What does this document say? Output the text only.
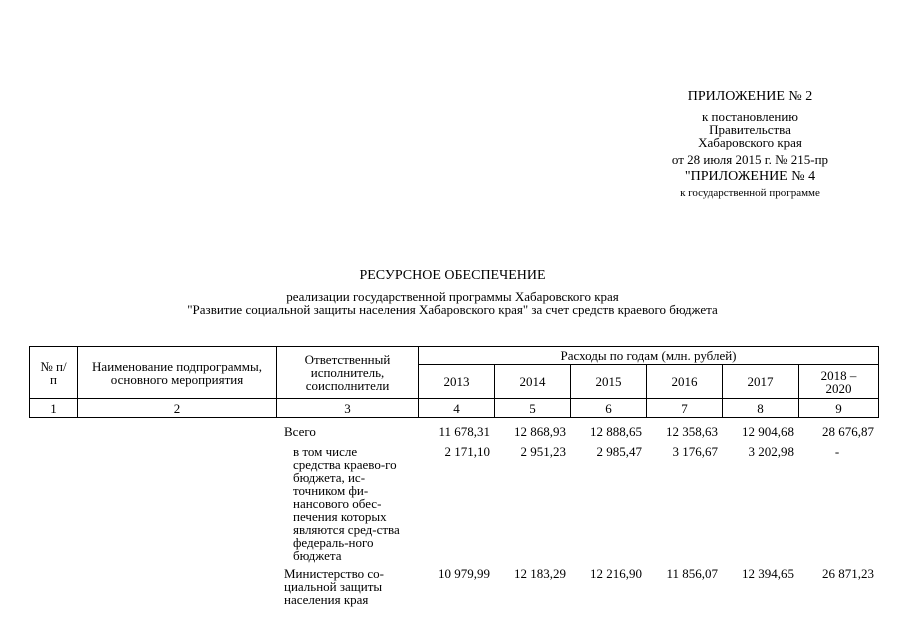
ПРИЛОЖЕНИЕ № 2
к постановлению
Правительства
Хабаровского края
от 28 июля 2015 г. № 215-пр
"ПРИЛОЖЕНИЕ № 4
к государственной программе
РЕСУРСНОЕ ОБЕСПЕЧЕНИЕ
реализации государственной программы Хабаровского края
"Развитие социальной защиты населения Хабаровского края" за счет средств краевого бюджета
№ п/п	Наименование подпрограммы, основного мероприятия	Ответственный исполнитель, соисполнители	Расходы по годам (млн. рублей)					
			2013	2014	2015	2016	2017	2018 – 2020
1	2	3	4	5	6	7	8	9
		Всего	11 678,31	12 868,93	12 888,65	12 358,63	12 904,68	28 676,87

		в том числе средства краево-го бюджета, ис-точником фи-нансового обес-печения которых являются сред-ства федераль-ного бюджета	2 171,10	2 951,23	2 985,47	3 176,67	3 202,98	-

		Министерство со-циальной защиты населения края	10 979,99	12 183,29	12 216,90	11 856,07	12 394,65	26 871,23
